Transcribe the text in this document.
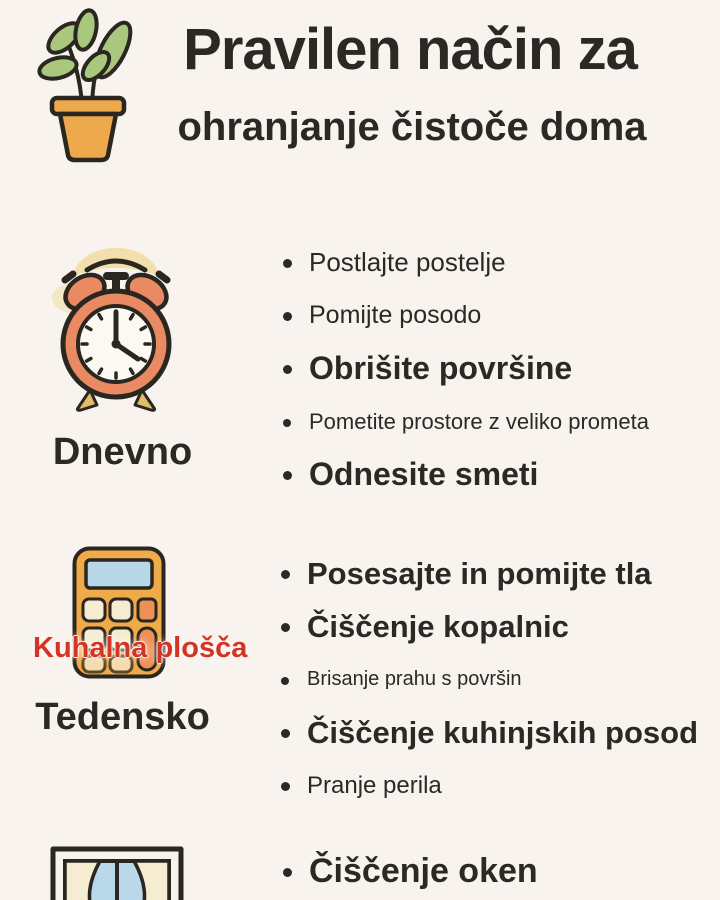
Pravilen način za
ohranjanje čistoče doma
Dnevno
Postlajte postelje
Pomijte posodo
Obrišite površine
Pometite prostore z veliko prometa
Odnesite smeti
Kuhalna plošča
Tedensko
Posesajte in pomijte tla
Čiščenje kopalnic
Brisanje prahu s površin
Čiščenje kuhinjskih posod
Pranje perila
Čiščenje oken
